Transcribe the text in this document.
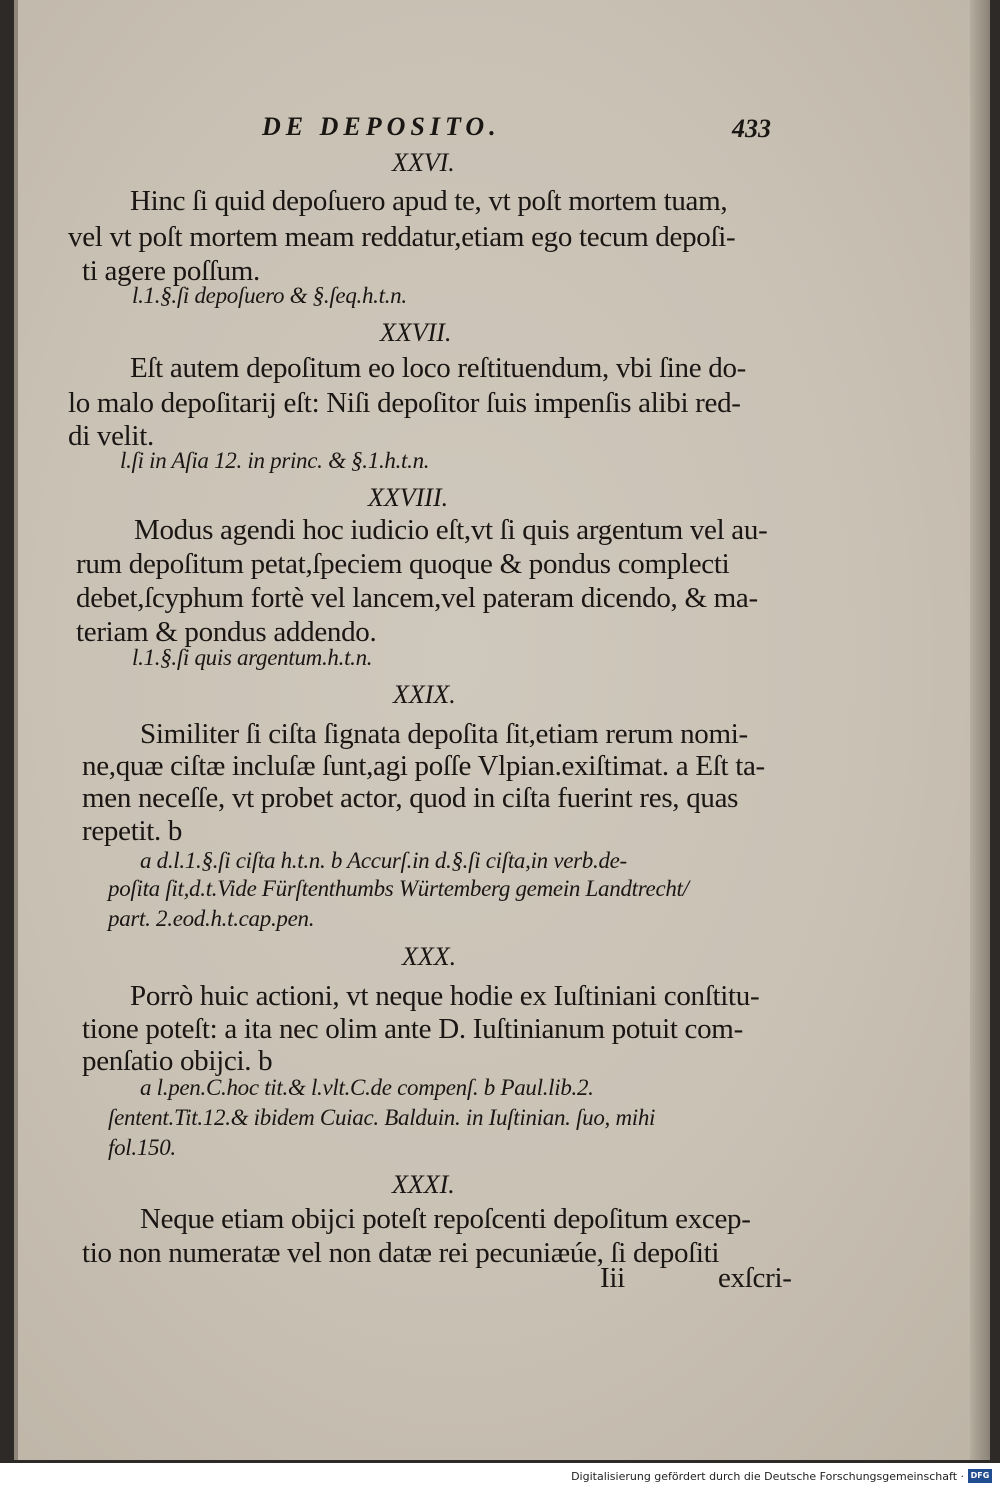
DE DEPOSITO.	433
XXVI.
Hinc ſi quid depoſuero apud te, vt poſt mortem tuam,
vel vt poſt mortem meam reddatur,etiam ego tecum depoſi-
ti agere poſſum.
l.1.§.ſi depoſuero & §.ſeq.h.t.n.
XXVII.
Eſt autem depoſitum eo loco reſtituendum, vbi ſine do-
lo malo depoſitarij eſt: Niſi depoſitor ſuis impenſis alibi red-
di velit.
l.ſi in Aſia 12. in princ. & §.1.h.t.n.
XXVIII.
Modus agendi hoc iudicio eſt,vt ſi quis argentum vel au-
rum depoſitum petat,ſpeciem quoque & pondus complecti
debet,ſcyphum fortè vel lancem,vel pateram dicendo, & ma-
teriam & pondus addendo.
l.1.§.ſi quis argentum.h.t.n.
XXIX.
Similiter ſi ciſta ſignata depoſita ſit,etiam rerum nomi-
ne,quæ ciſtæ incluſæ ſunt,agi poſſe Vlpian.exiſtimat. a Eſt ta-
men neceſſe, vt probet actor, quod in ciſta fuerint res, quas
repetit. b
a d.l.1.§.ſi ciſta h.t.n. b Accurſ.in d.§.ſi ciſta,in verb.de-
poſita ſit,d.t.Vide Fürſtenthumbs Würtemberg gemein Landtrecht/
part. 2.eod.h.t.cap.pen.
XXX.
Porrò huic actioni, vt neque hodie ex Iuſtiniani conſtitu-
tione poteſt: a ita nec olim ante D. Iuſtinianum potuit com-
penſatio obijci. b
a l.pen.C.hoc tit.& l.vlt.C.de compenſ. b Paul.lib.2.
ſentent.Tit.12.& ibidem Cuiac. Balduin. in Iuſtinian. ſuo, mihi
fol.150.
XXXI.
Neque etiam obijci poteſt repoſcenti depoſitum excep-
tio non numeratæ vel non datæ rei pecuniæúe, ſi depoſiti
Iii	exſcri-
Digitalisierung gefördert durch die Deutsche Forschungsgemeinschaft · DFG
